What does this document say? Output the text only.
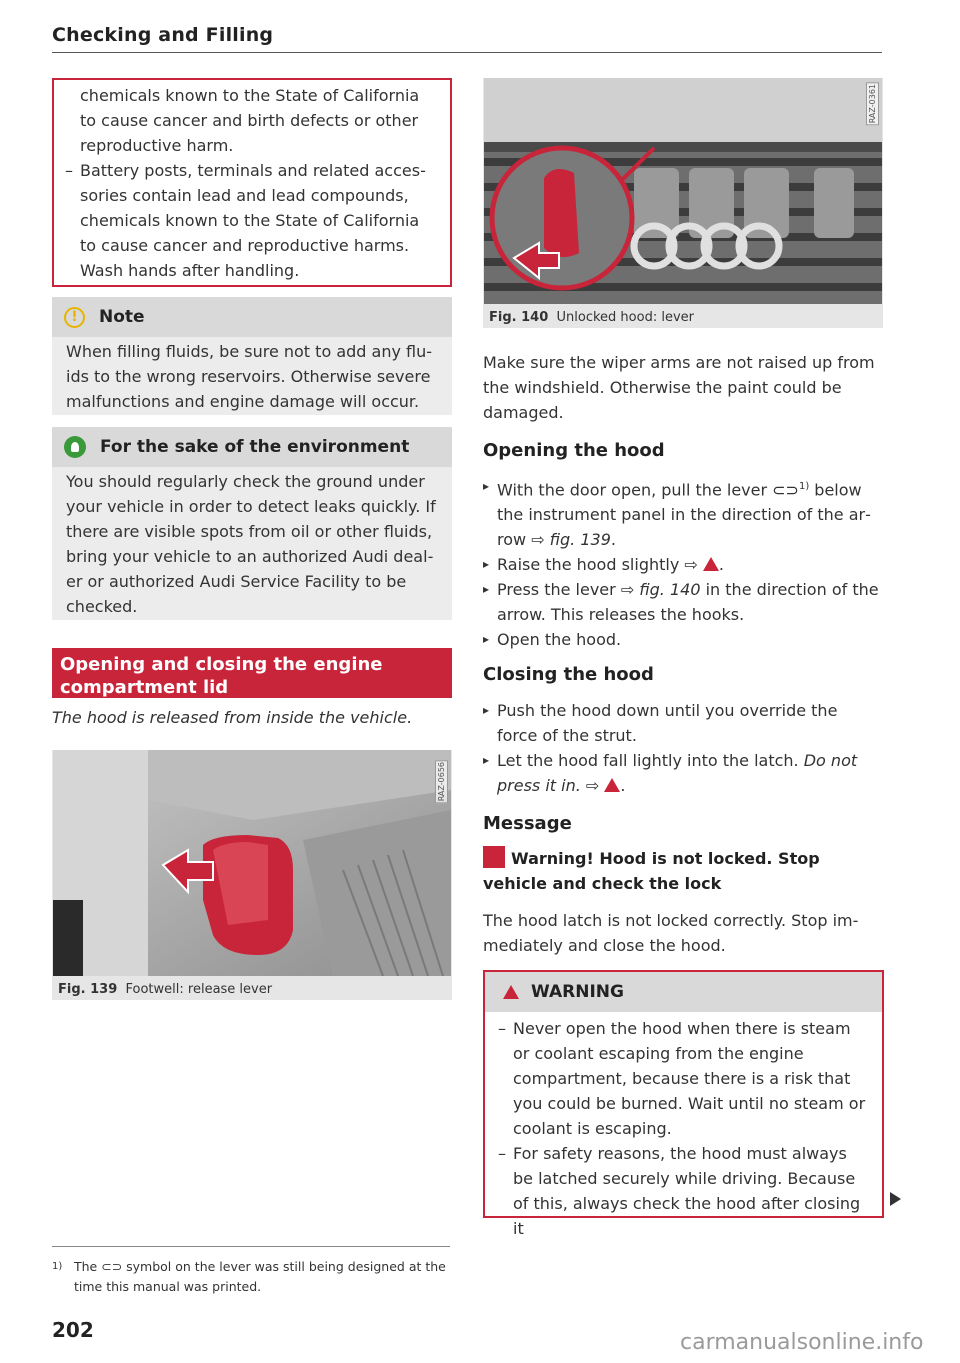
Checking and Filling

chemicals known to the State of California to cause cancer and birth defects or other reproductive harm.

– Battery posts, terminals and related accessories contain lead and lead compounds, chemicals known to the State of California to cause cancer and reproductive harms. Wash hands after handling.

!	Note

When filling fluids, be sure not to add any fluids to the wrong reservoirs. Otherwise severe malfunctions and engine damage will occur.

For the sake of the environment

You should regularly check the ground under your vehicle in order to detect leaks quickly. If there are visible spots from oil or other fluids, bring your vehicle to an authorized Audi dealer or authorized Audi Service Facility to be checked.

Opening and closing the engine compartment lid
The hood is released from inside the vehicle.
RAZ-0656
Fig. 139 Footwell: release lever
1) The ⊂⊃ symbol on the lever was still being designed at the time this manual was printed.
202
RAZ-0361
Fig. 140 Unlocked hood: lever
Make sure the wiper arms are not raised up from the windshield. Otherwise the paint could be damaged.
Opening the hood

▸ With the door open, pull the lever ⊂⊃$^{1)}$ below the instrument panel in the direction of the arrow ⇨ fig. 139.

▸ Raise the hood slightly ⇨ .

▸ Press the lever ⇨ fig. 140 in the direction of the arrow. This releases the hooks.

▸ Open the hood.

Closing the hood

▸ Push the hood down until you override the force of the strut.

▸ Let the hood fall lightly into the latch. Do not press it in. ⇨ .

Message
Warning! Hood is not locked. Stop vehicle and check the lock
The hood latch is not locked correctly. Stop immediately and close the hood.
WARNING

– Never open the hood when there is steam or coolant escaping from the engine compartment, because there is a risk that you could be burned. Wait until no steam or coolant is escaping.

– For safety reasons, the hood must always be latched securely while driving. Because of this, always check the hood after closing it

carmanualsonline.info
